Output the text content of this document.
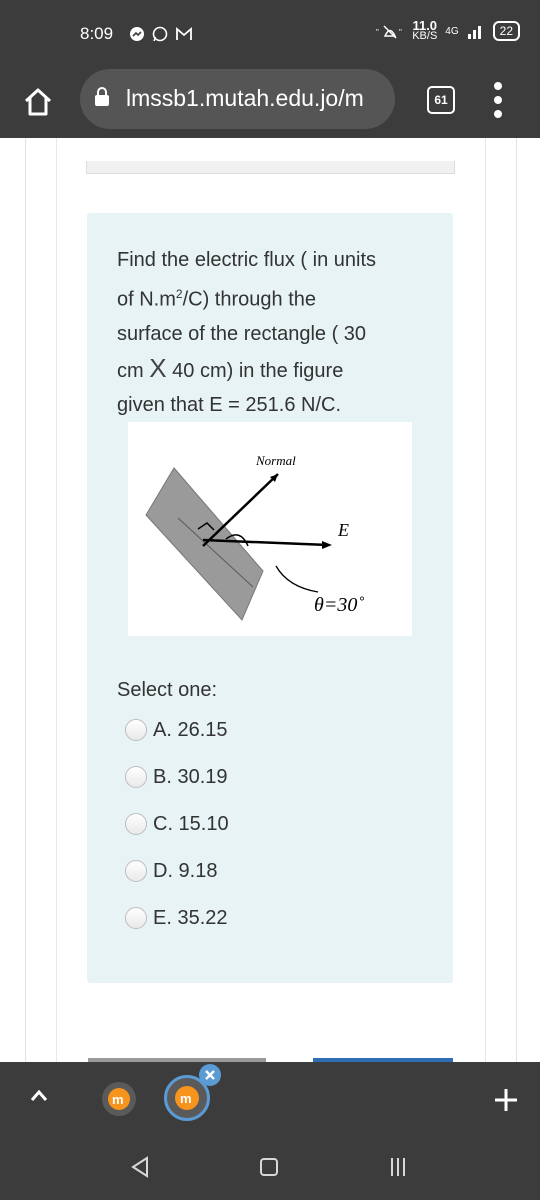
8:09	"	" 11.0
KB/S 4G	22
lmssb1.mutah.edu.jo/m	61
Find the electric flux ( in units
of $N.m^2/C$) through the
surface of the rectangle ( 30
cm X 40 cm) in the figure
given that E = 251.6 N/C.
Normal
E
θ=30˚
Select one:
A. 26.15
B. 30.19
C. 15.10
D. 9.18
E. 35.22
m	m
